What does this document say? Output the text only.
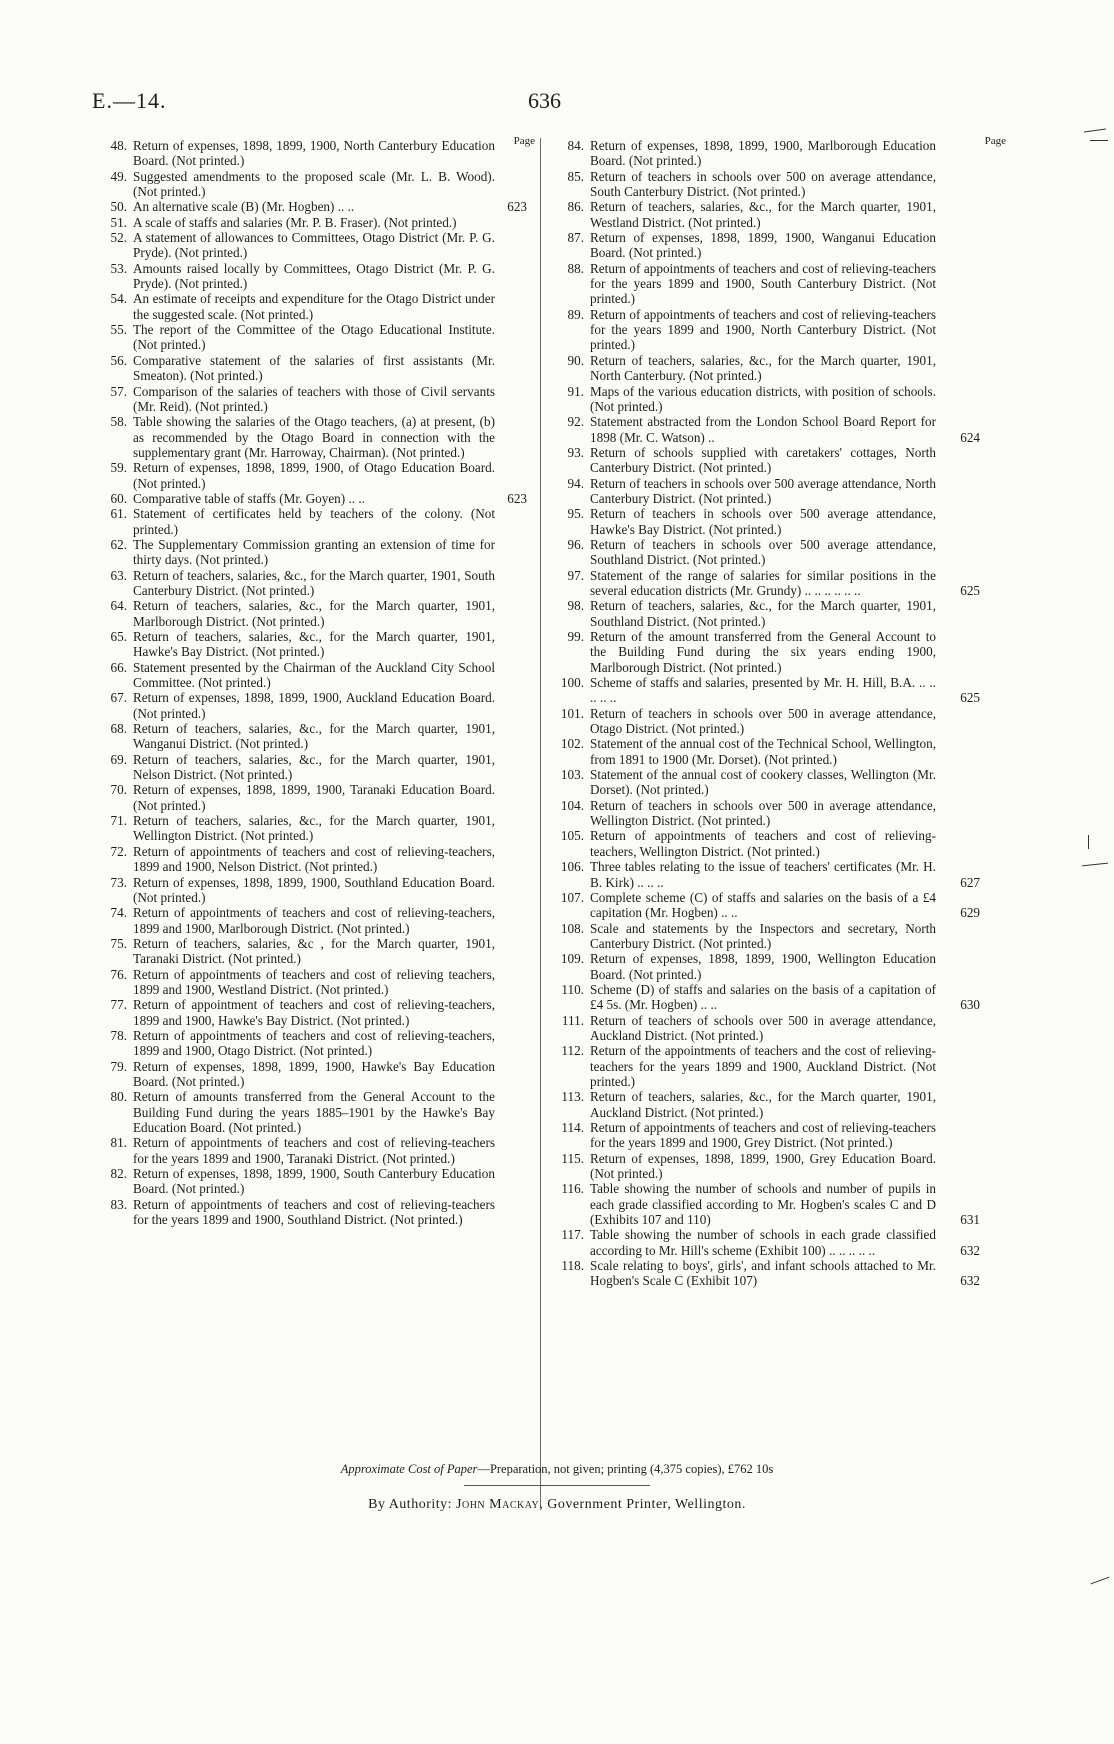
E.—14.	636
Page
48. Return of expenses, 1898, 1899, 1900, North Canterbury Education Board. (Not printed.)
49. Suggested amendments to the proposed scale (Mr. L. B. Wood). (Not printed.)
50. An alternative scale (B) (Mr. Hogben) .. ..	623
51. A scale of staffs and salaries (Mr. P. B. Fraser). (Not printed.)
52. A statement of allowances to Committees, Otago District (Mr. P. G. Pryde). (Not printed.)
53. Amounts raised locally by Committees, Otago District (Mr. P. G. Pryde). (Not printed.)
54. An estimate of receipts and expenditure for the Otago District under the suggested scale. (Not printed.)
55. The report of the Committee of the Otago Educational Institute. (Not printed.)
56. Comparative statement of the salaries of first assistants (Mr. Smeaton). (Not printed.)
57. Comparison of the salaries of teachers with those of Civil servants (Mr. Reid). (Not printed.)
58. Table showing the salaries of the Otago teachers, (a) at present, (b) as recommended by the Otago Board in connection with the supplementary grant (Mr. Harroway, Chairman). (Not printed.)
59. Return of expenses, 1898, 1899, 1900, of Otago Education Board. (Not printed.)
60. Comparative table of staffs (Mr. Goyen) .. ..	623
61. Statement of certificates held by teachers of the colony. (Not printed.)
62. The Supplementary Commission granting an extension of time for thirty days. (Not printed.)
63. Return of teachers, salaries, &c., for the March quarter, 1901, South Canterbury District. (Not printed.)
64. Return of teachers, salaries, &c., for the March quarter, 1901, Marlborough District. (Not printed.)
65. Return of teachers, salaries, &c., for the March quarter, 1901, Hawke's Bay District. (Not printed.)
66. Statement presented by the Chairman of the Auckland City School Committee. (Not printed.)
67. Return of expenses, 1898, 1899, 1900, Auckland Education Board. (Not printed.)
68. Return of teachers, salaries, &c., for the March quarter, 1901, Wanganui District. (Not printed.)
69. Return of teachers, salaries, &c., for the March quarter, 1901, Nelson District. (Not printed.)
70. Return of expenses, 1898, 1899, 1900, Taranaki Education Board. (Not printed.)
71. Return of teachers, salaries, &c., for the March quarter, 1901, Wellington District. (Not printed.)
72. Return of appointments of teachers and cost of relieving-teachers, 1899 and 1900, Nelson District. (Not printed.)
73. Return of expenses, 1898, 1899, 1900, Southland Education Board. (Not printed.)
74. Return of appointments of teachers and cost of relieving-teachers, 1899 and 1900, Marlborough District. (Not printed.)
75. Return of teachers, salaries, &c , for the March quarter, 1901, Taranaki District. (Not printed.)
76. Return of appointments of teachers and cost of relieving teachers, 1899 and 1900, Westland District. (Not printed.)
77. Return of appointment of teachers and cost of relieving-teachers, 1899 and 1900, Hawke's Bay District. (Not printed.)
78. Return of appointments of teachers and cost of relieving-teachers, 1899 and 1900, Otago District. (Not printed.)
79. Return of expenses, 1898, 1899, 1900, Hawke's Bay Education Board. (Not printed.)
80. Return of amounts transferred from the General Account to the Building Fund during the years 1885–1901 by the Hawke's Bay Education Board. (Not printed.)
81. Return of appointments of teachers and cost of relieving-teachers for the years 1899 and 1900, Taranaki District. (Not printed.)
82. Return of expenses, 1898, 1899, 1900, South Canterbury Education Board. (Not printed.)
83. Return of appointments of teachers and cost of relieving-teachers for the years 1899 and 1900, Southland District. (Not printed.)
Page
84. Return of expenses, 1898, 1899, 1900, Marlborough Education Board. (Not printed.)
85. Return of teachers in schools over 500 on average attendance, South Canterbury District. (Not printed.)
86. Return of teachers, salaries, &c., for the March quarter, 1901, Westland District. (Not printed.)
87. Return of expenses, 1898, 1899, 1900, Wanganui Education Board. (Not printed.)
88. Return of appointments of teachers and cost of relieving-teachers for the years 1899 and 1900, South Canterbury District. (Not printed.)
89. Return of appointments of teachers and cost of relieving-teachers for the years 1899 and 1900, North Canterbury District. (Not printed.)
90. Return of teachers, salaries, &c., for the March quarter, 1901, North Canterbury. (Not printed.)
91. Maps of the various education districts, with position of schools. (Not printed.)
92. Statement abstracted from the London School Board Report for 1898 (Mr. C. Watson) ..	624
93. Return of schools supplied with caretakers' cottages, North Canterbury District. (Not printed.)
94. Return of teachers in schools over 500 average attendance, North Canterbury District. (Not printed.)
95. Return of teachers in schools over 500 average attendance, Hawke's Bay District. (Not printed.)
96. Return of teachers in schools over 500 average attendance, Southland District. (Not printed.)
97. Statement of the range of salaries for similar positions in the several education districts (Mr. Grundy) .. .. .. .. .. ..	625
98. Return of teachers, salaries, &c., for the March quarter, 1901, Southland District. (Not printed.)
99. Return of the amount transferred from the General Account to the Building Fund during the six years ending 1900, Marlborough District. (Not printed.)
100. Scheme of staffs and salaries, presented by Mr. H. Hill, B.A. .. .. .. .. ..	625
101. Return of teachers in schools over 500 in average attendance, Otago District. (Not printed.)
102. Statement of the annual cost of the Technical School, Wellington, from 1891 to 1900 (Mr. Dorset). (Not printed.)
103. Statement of the annual cost of cookery classes, Wellington (Mr. Dorset). (Not printed.)
104. Return of teachers in schools over 500 in average attendance, Wellington District. (Not printed.)
105. Return of appointments of teachers and cost of relieving-teachers, Wellington District. (Not printed.)
106. Three tables relating to the issue of teachers' certificates (Mr. H. B. Kirk) .. .. ..	627
107. Complete scheme (C) of staffs and salaries on the basis of a £4 capitation (Mr. Hogben) .. ..	629
108. Scale and statements by the Inspectors and secretary, North Canterbury District. (Not printed.)
109. Return of expenses, 1898, 1899, 1900, Wellington Education Board. (Not printed.)
110. Scheme (D) of staffs and salaries on the basis of a capitation of £4 5s. (Mr. Hogben) .. ..	630
111. Return of teachers of schools over 500 in average attendance, Auckland District. (Not printed.)
112. Return of the appointments of teachers and the cost of relieving-teachers for the years 1899 and 1900, Auckland District. (Not printed.)
113. Return of teachers, salaries, &c., for the March quarter, 1901, Auckland District. (Not printed.)
114. Return of appointments of teachers and cost of relieving-teachers for the years 1899 and 1900, Grey District. (Not printed.)
115. Return of expenses, 1898, 1899, 1900, Grey Education Board. (Not printed.)
116. Table showing the number of schools and number of pupils in each grade classified according to Mr. Hogben's scales C and D (Exhibits 107 and 110)	631
117. Table showing the number of schools in each grade classified according to Mr. Hill's scheme (Exhibit 100) .. .. .. .. ..	632
118. Scale relating to boys', girls', and infant schools attached to Mr. Hogben's Scale C (Exhibit 107)	632
Approximate Cost of Paper—Preparation, not given; printing (4,375 copies), £762 10s
By Authority: John Mackay, Government Printer, Wellington.
